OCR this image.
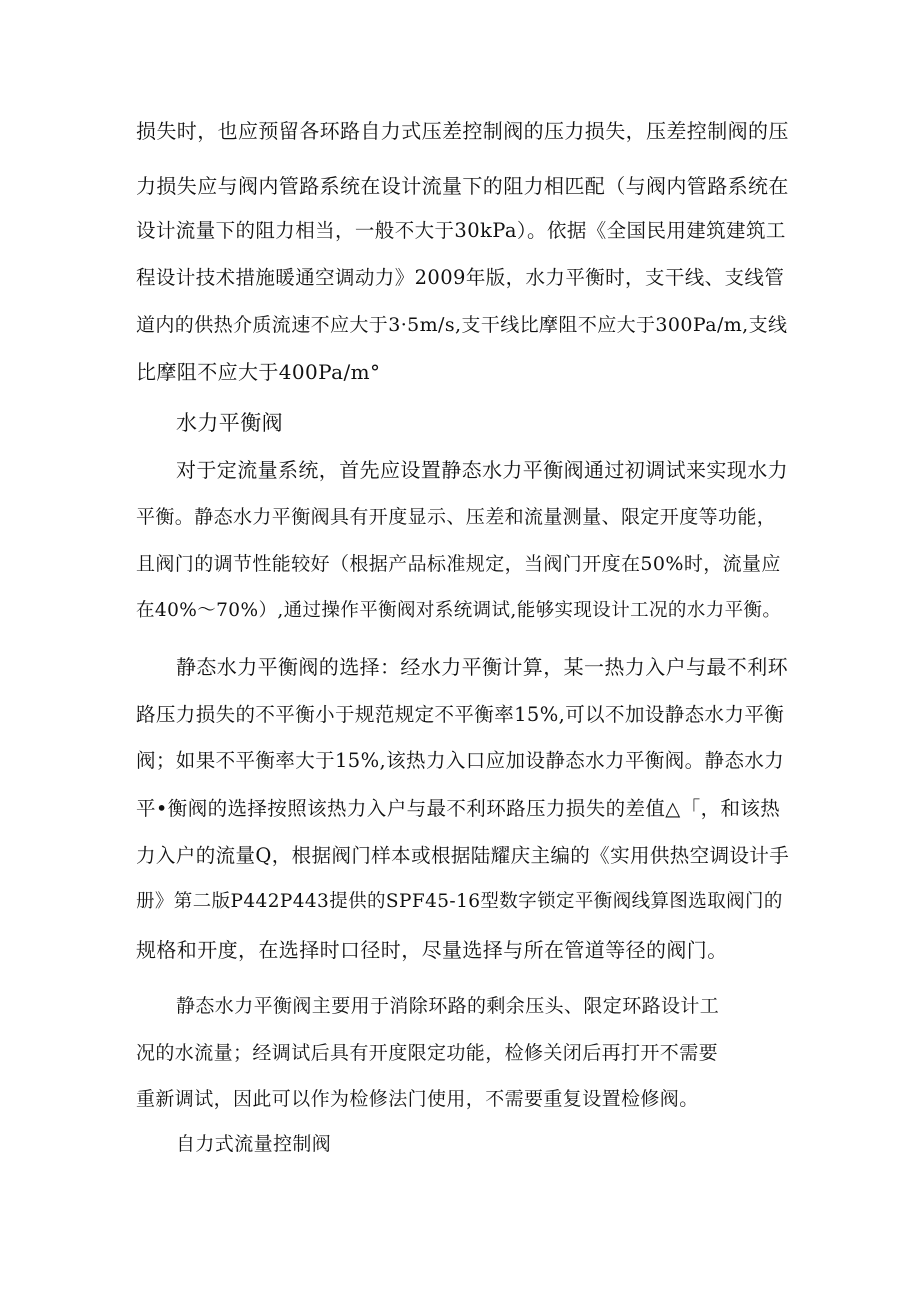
损失时，也应预留各环路自力式压差控制阀的压力损失，压差控制阀的压
力损失应与阀内管路系统在设计流量下的阻力相匹配（与阀内管路系统在
设计流量下的阻力相当，一般不大于30kPa）。依据《全国民用建筑建筑工
程设计技术措施暖通空调动力》2009年版，水力平衡时，支干线、支线管
道内的供热介质流速不应大于3·5m∕s,支干线比摩阻不应大于300Pa∕m,支线
比摩阻不应大于400Pa∕m°
水力平衡阀
对于定流量系统，首先应设置静态水力平衡阀通过初调试来实现水力
平衡。静态水力平衡阀具有开度显示、压差和流量测量、限定开度等功能，
且阀门的调节性能较好（根据产品标准规定，当阀门开度在50%时，流量应
在40%〜70%）,通过操作平衡阀对系统调试,能够实现设计工况的水力平衡。
静态水力平衡阀的选择：经水力平衡计算，某一热力入户与最不利环
路压力损失的不平衡小于规范规定不平衡率15%,可以不加设静态水力平衡
阀；如果不平衡率大于15%,该热力入口应加设静态水力平衡阀。静态水力
平•衡阀的选择按照该热力入户与最不利环路压力损失的差值△「，和该热
力入户的流量Q，根据阀门样本或根据陆耀庆主编的《实用供热空调设计手
册》第二版P442P443提供的SPF45-16型数字锁定平衡阀线算图选取阀门的
规格和开度，在选择时口径时，尽量选择与所在管道等径的阀门。
静态水力平衡阀主要用于消除环路的剩余压头、限定环路设计工
况的水流量；经调试后具有开度限定功能，检修关闭后再打开不需要
重新调试，因此可以作为检修法门使用，不需要重复设置检修阀。
自力式流量控制阀
